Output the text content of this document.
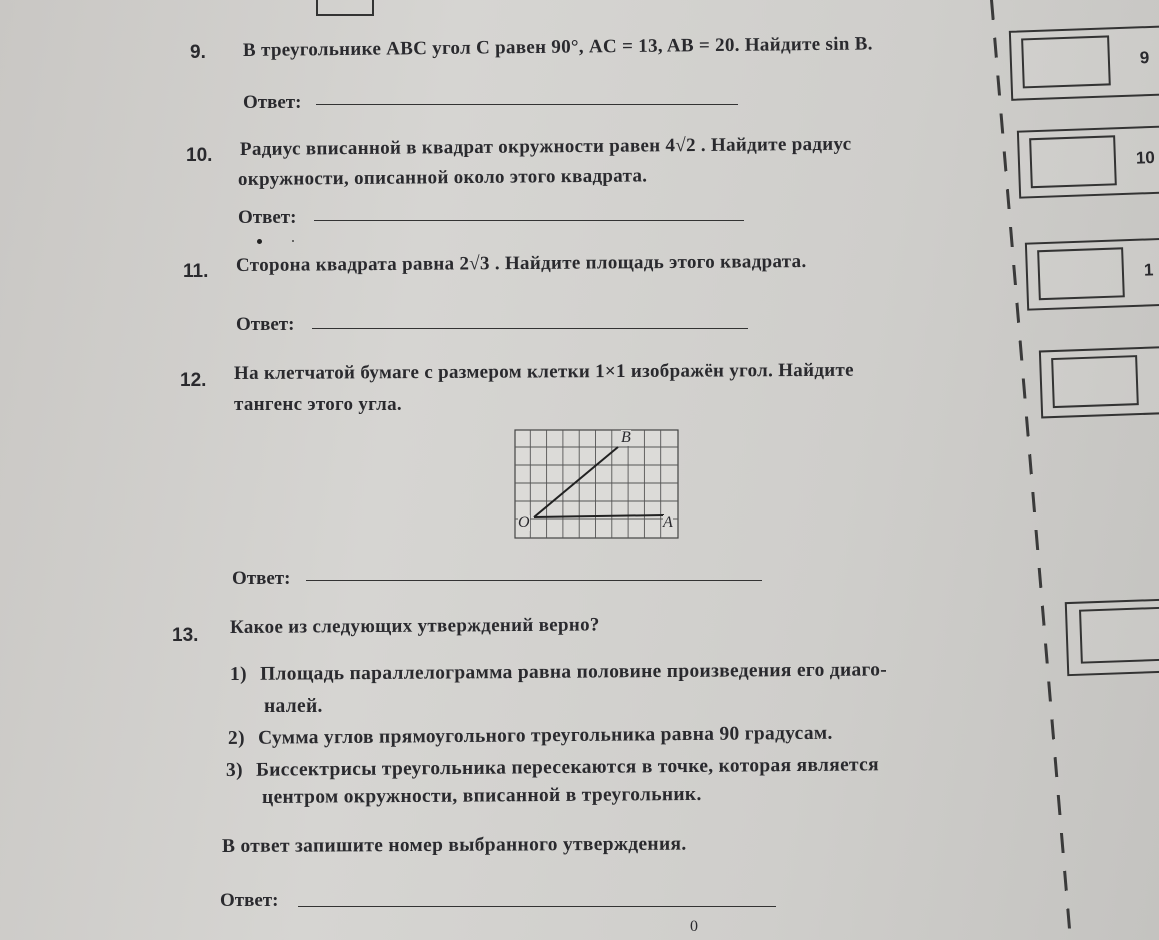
9. В треугольнике ABC угол C равен 90°, AC = 13, AB = 20. Найдите sin B.
Ответ:
10. Радиус вписанной в квадрат окружности равен 4√2 . Найдите радиус
окружности, описанной около этого квадрата.
Ответ:
11. Сторона квадрата равна 2√3 . Найдите площадь этого квадрата.
Ответ:
12. На клетчатой бумаге с размером клетки 1×1 изображён угол. Найдите
тангенс этого угла.
O	A
B
Ответ:
13. Какое из следующих утверждений верно?
1) Площадь параллелограмма равна половине произведения его диаго-
налей.
2) Сумма углов прямоугольного треугольника равна 90 градусам.
3) Биссектрисы треугольника пересекаются в точке, которая является
центром окружности, вписанной в треугольник.
В ответ запишите номер выбранного утверждения.
Ответ:
0
9
10
1
